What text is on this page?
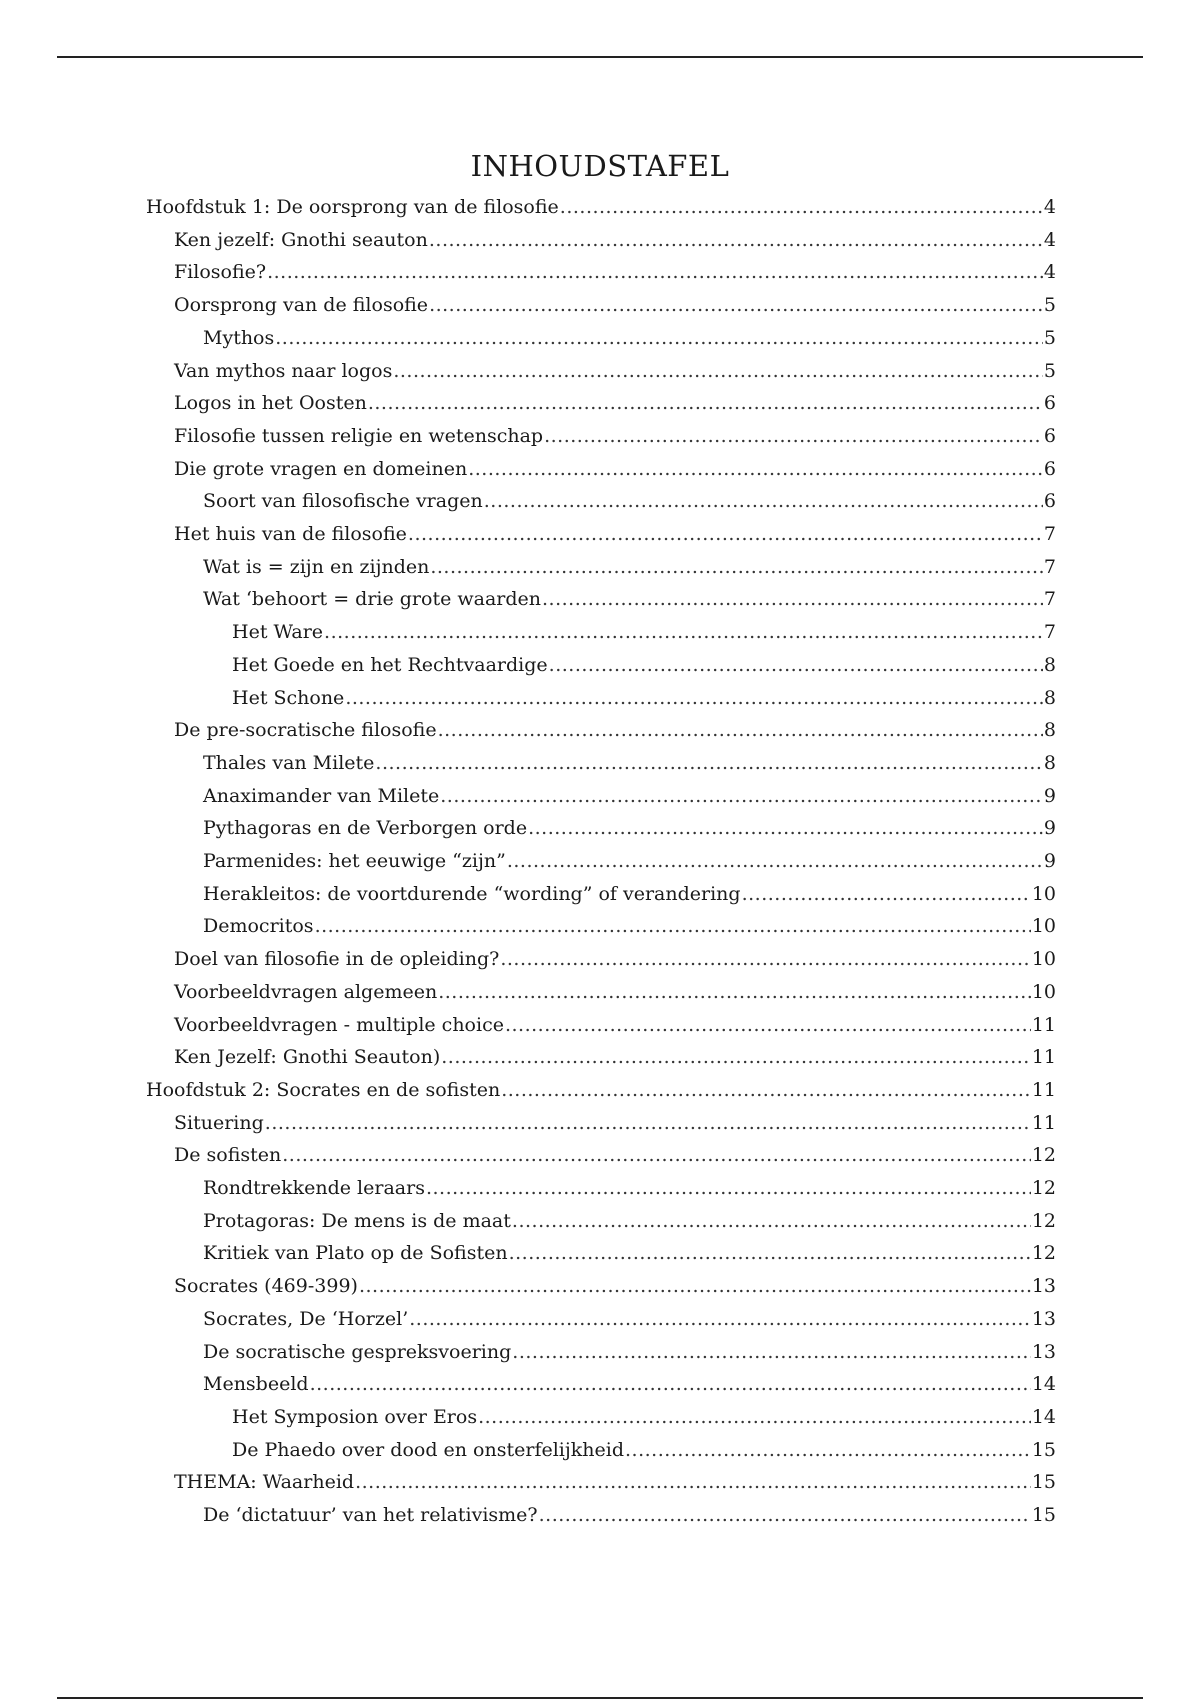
INHOUDSTAFEL
Hoofdstuk 1: De oorsprong van de filosofie .....	4
Ken jezelf: Gnothi seauton .....	4
Filosofie? .....	4
Oorsprong van de filosofie .....	5
Mythos .....	5
Van mythos naar logos .....	5
Logos in het Oosten .....	6
Filosofie tussen religie en wetenschap .....	6
Die grote vragen en domeinen .....	6
Soort van filosofische vragen .....	6
Het huis van de filosofie .....	7
Wat is = zijn en zijnden .....	7
Wat ‘behoort = drie grote waarden .....	7
Het Ware .....	7
Het Goede en het Rechtvaardige .....	8
Het Schone .....	8
De pre-socratische filosofie .....	8
Thales van Milete .....	8
Anaximander van Milete .....	9
Pythagoras en de Verborgen orde .....	9
Parmenides: het eeuwige “zijn” .....	9
Herakleitos: de voortdurende “wording” of verandering .....	10
Democritos .....	10
Doel van filosofie in de opleiding? .....	10
Voorbeeldvragen algemeen .....	10
Voorbeeldvragen - multiple choice .....	11
Ken Jezelf: Gnothi Seauton) .....	11
Hoofdstuk 2: Socrates en de sofisten .....	11
Situering .....	11
De sofisten .....	12
Rondtrekkende leraars .....	12
Protagoras: De mens is de maat .....	12
Kritiek van Plato op de Sofisten .....	12
Socrates (469-399) .....	13
Socrates, De ‘Horzel’ .....	13
De socratische gespreksvoering .....	13
Mensbeeld .....	14
Het Symposion over Eros .....	14
De Phaedo over dood en onsterfelijkheid .....	15
THEMA: Waarheid .....	15
De ‘dictatuur’ van het relativisme? .....	15
